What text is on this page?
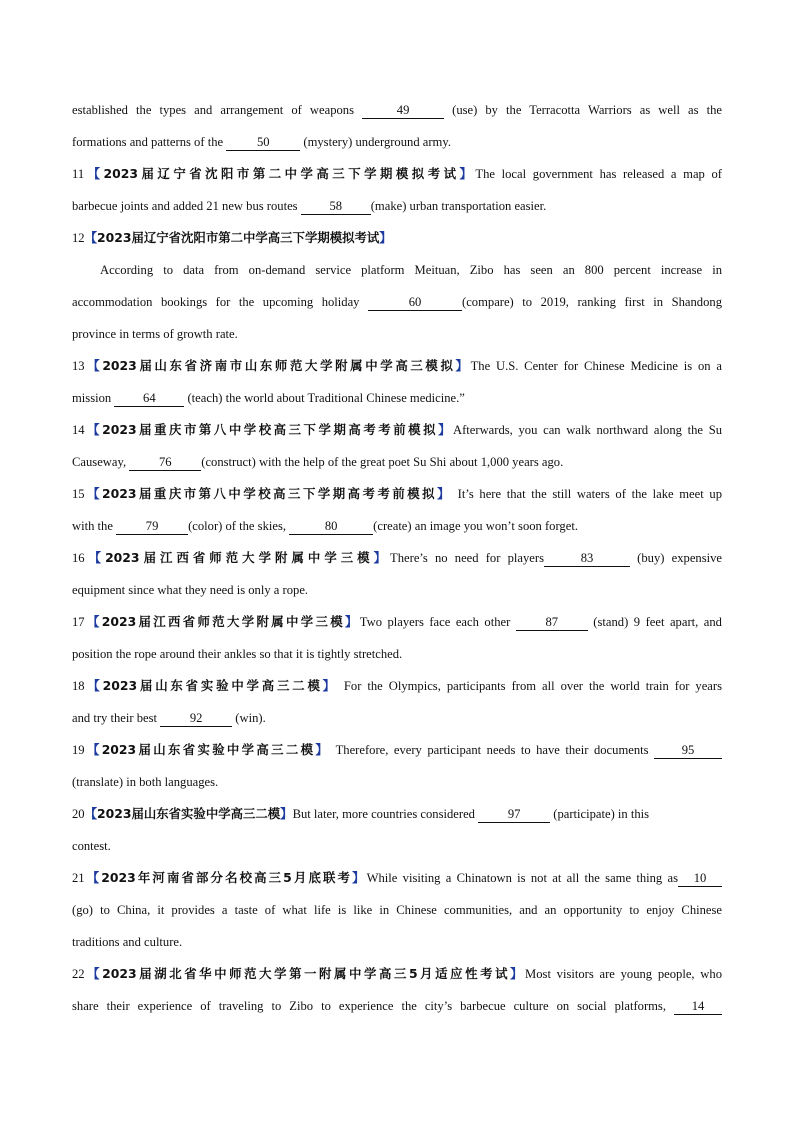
established the types and arrangement of weapons	49	(use) by the Terracotta Warriors as well as the
formations and patterns of the 50 (mystery) underground army.
11【2023届辽宁省沈阳市第二中学高三下学期模拟考试】The local government has released a map of
barbecue joints and added 21 new bus routes 58 (make) urban transportation easier.
12【2023届辽宁省沈阳市第二中学高三下学期模拟考试】
According to data from on-demand service platform Meituan, Zibo has seen an 800 percent increase in
accommodation bookings for the upcoming holiday	60	(compare) to 2019, ranking first in Shandong
province in terms of growth rate.
13【2023届山东省济南市山东师范大学附属中学高三模拟】The U.S. Center for Chinese Medicine is on a
mission 64 (teach) the world about Traditional Chinese medicine.”
14【2023届重庆市第八中学校高三下学期高考考前模拟】Afterwards, you can walk northward along the Su
Causeway, 76 (construct) with the help of the great poet Su Shi about 1,000 years ago.
15【2023届重庆市第八中学校高三下学期高考考前模拟】 It’s here that the still waters of the lake meet up
with the 79 (color) of the skies,	80	(create) an image you won’t soon forget.
16【2023届江西省师范大学附属中学三模】There’s no need for players	83	(buy) expensive
equipment since what they need is only a rope.
17【2023届江西省师范大学附属中学三模】Two players face each other 87 (stand) 9 feet apart, and
position the rope around their ankles so that it is tightly stretched.
18【2023届山东省实验中学高三二模】 For the Olympics, participants from all over the world train for years
and try their best 92 (win).
19【2023届山东省实验中学高三二模】 Therefore, every participant needs to have their documents 95
(translate) in both languages.
20【2023届山东省实验中学高三二模】But later, more countries considered 97 (participate) in this
contest.
21【2023年河南省部分名校高三5月底联考】While visiting a Chinatown is not at all the same thing as 10
(go) to China, it provides a taste of what life is like in Chinese communities, and an opportunity to enjoy Chinese
traditions and culture.
22【2023届湖北省华中师范大学第一附属中学高三5月适应性考试】Most visitors are young people, who
share their experience of traveling to Zibo to experience the city’s barbecue culture on social platforms, 14
